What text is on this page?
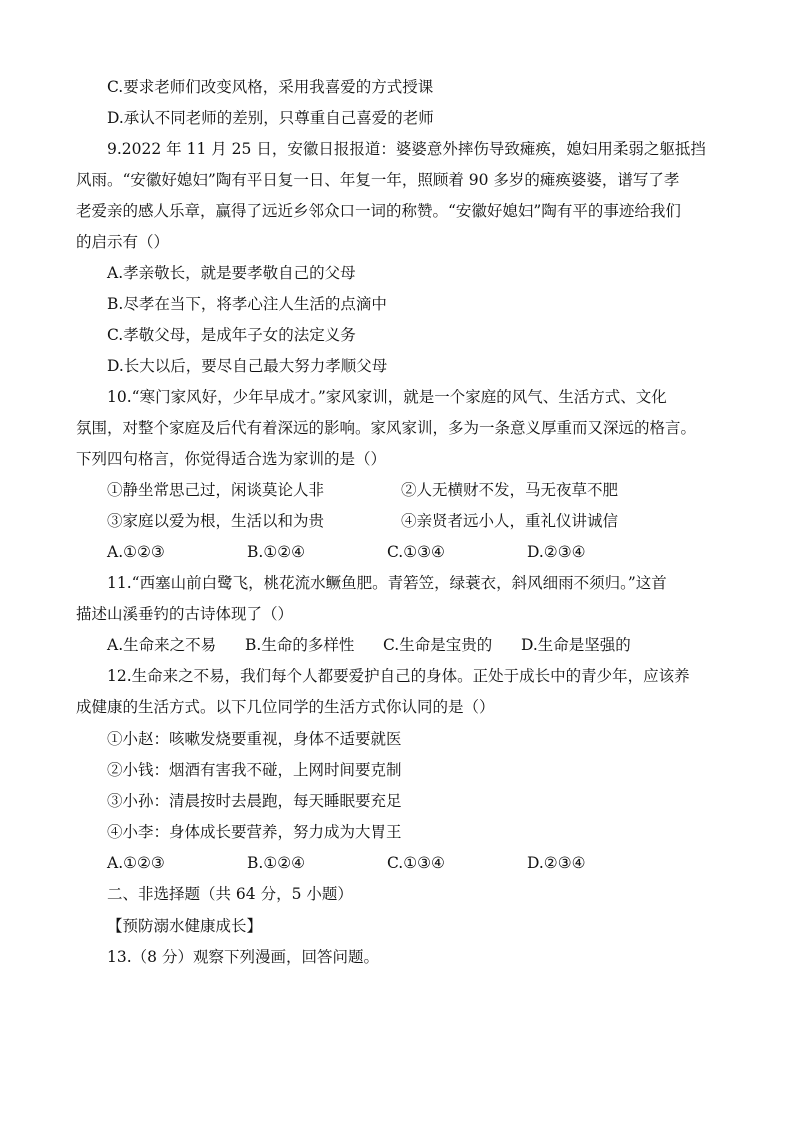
C.要求老师们改变风格，采用我喜爱的方式授课
D.承认不同老师的差别，只尊重自己喜爱的老师
9.2022 年 11 月 25 日，安徽日报报道：婆婆意外摔伤导致瘫痪，媳妇用柔弱之躯抵挡
风雨。“安徽好媳妇”陶有平日复一日、年复一年，照顾着 90 多岁的瘫痪婆婆，谱写了孝
老爱亲的感人乐章，赢得了远近乡邻众口一词的称赞。“安徽好媳妇”陶有平的事迹给我们
的启示有（）
A.孝亲敬长，就是要孝敬自己的父母
B.尽孝在当下，将孝心注人生活的点滴中
C.孝敬父母，是成年子女的法定义务
D.长大以后，要尽自己最大努力孝顺父母
10.“寒门家风好，少年早成才。”家风家训，就是一个家庭的风气、生活方式、文化
氛围，对整个家庭及后代有着深远的影响。家风家训，多为一条意义厚重而又深远的格言。
下列四句格言，你觉得适合选为家训的是（）
①静坐常思己过，闲谈莫论人非	②人无横财不发，马无夜草不肥
③家庭以爱为根，生活以和为贵	④亲贤者远小人，重礼仪讲诚信
A.①②③	B.①②④	C.①③④	D.②③④
11.“西塞山前白鹭飞，桃花流水鳜鱼肥。青箬笠，绿蓑衣，斜风细雨不须归。”这首
描述山溪垂钓的古诗体现了（）
A.生命来之不易 B.生命的多样性 C.生命是宝贵的 D.生命是坚强的
12.生命来之不易，我们每个人都要爱护自己的身体。正处于成长中的青少年，应该养
成健康的生活方式。以下几位同学的生活方式你认同的是（）
①小赵：咳嗽发烧要重视，身体不适要就医
②小钱：烟酒有害我不碰，上网时间要克制
③小孙：清晨按时去晨跑，每天睡眠要充足
④小李：身体成长要营养，努力成为大胃王
A.①②③	B.①②④	C.①③④	D.②③④
二、非选择题（共 64 分，5 小题）
【预防溺水健康成长】
13.（8 分）观察下列漫画，回答问题。
